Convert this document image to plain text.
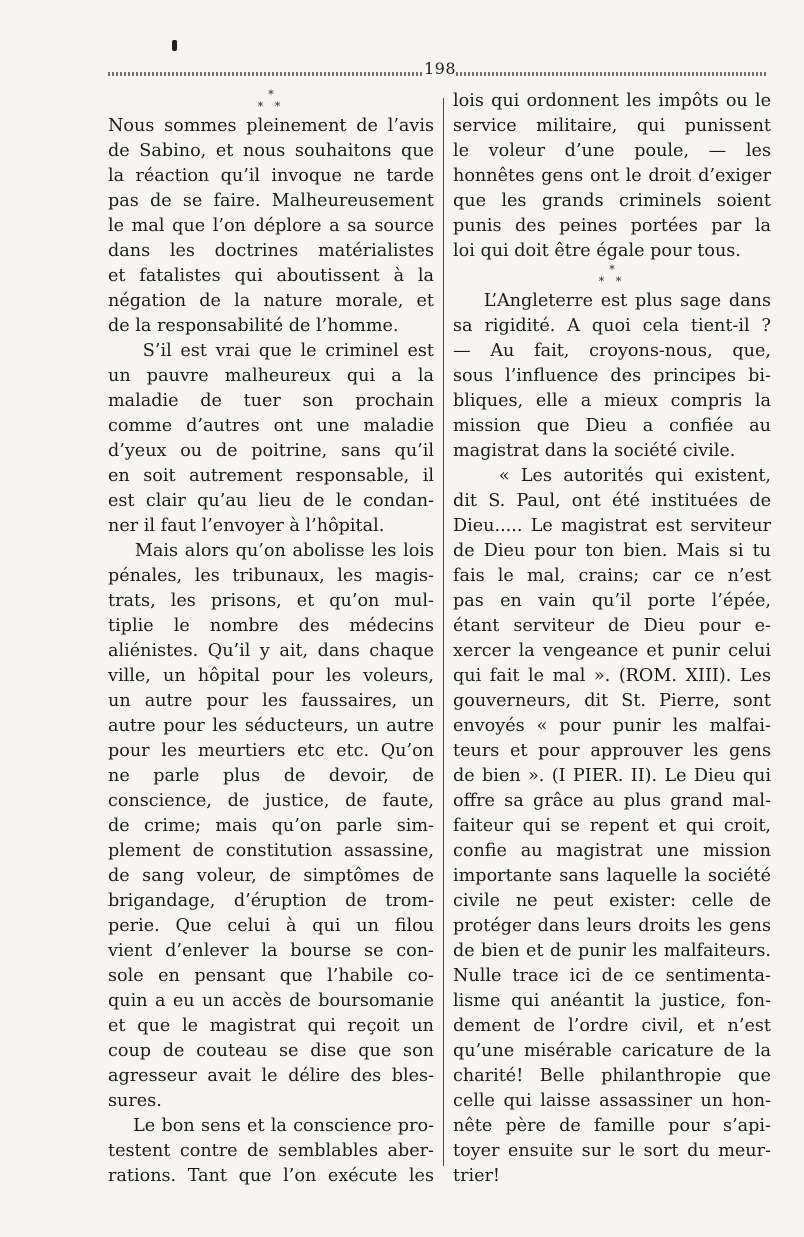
198
*
* *
Nous sommes pleinement de l’avis
de Sabino, et nous souhaitons que
la réaction qu’il invoque ne tarde
pas de se faire. Malheureusement
le mal que l’on déplore a sa source
dans les doctrines matérialistes
et fatalistes qui aboutissent à la
négation de la nature morale, et
de la responsabilité de l’homme.
S’il est vrai que le criminel est
un pauvre malheureux qui a la
maladie de tuer son prochain
comme d’autres ont une maladie
d’yeux ou de poitrine, sans qu’il
en soit autrement responsable, il
est clair qu’au lieu de le condan-
ner il faut l’envoyer à l’hôpital.
Mais alors qu’on abolisse les lois
pénales, les tribunaux, les magis-
trats, les prisons, et qu’on mul-
tiplie le nombre des médecins
aliénistes. Qu’il y ait, dans chaque
ville, un hôpital pour les voleurs,
un autre pour les faussaires, un
autre pour les séducteurs, un autre
pour les meurtiers etc etc. Qu’on
ne parle plus de devoir, de
conscience, de justice, de faute,
de crime; mais qu’on parle sim-
plement de constitution assassine,
de sang voleur, de simptômes de
brigandage, d’éruption de trom-
perie. Que celui à qui un filou
vient d’enlever la bourse se con-
sole en pensant que l’habile co-
quin a eu un accès de boursomanie
et que le magistrat qui reçoit un
coup de couteau se dise que son
agresseur avait le délire des bles-
sures.
Le bon sens et la conscience pro-
testent contre de semblables aber-
rations. Tant que l’on exécute les
lois qui ordonnent les impôts ou le
service militaire, qui punissent
le voleur d’une poule, — les
honnêtes gens ont le droit d’exiger
que les grands criminels soient
punis des peines portées par la
loi qui doit être égale pour tous.
*
* *
L’Angleterre est plus sage dans
sa rigidité. A quoi cela tient-il ?
— Au fait, croyons-nous, que,
sous l’influence des principes bi-
bliques, elle a mieux compris la
mission que Dieu a confiée au
magistrat dans la société civile.
« Les autorités qui existent,
dit S. Paul, ont été instituées de
Dieu..... Le magistrat est serviteur
de Dieu pour ton bien. Mais si tu
fais le mal, crains; car ce n’est
pas en vain qu’il porte l’épée,
étant serviteur de Dieu pour e-
xercer la vengeance et punir celui
qui fait le mal ». (ROM. XIII). Les
gouverneurs, dit St. Pierre, sont
envoyés « pour punir les malfai-
teurs et pour approuver les gens
de bien ». (I PIER. II). Le Dieu qui
offre sa grâce au plus grand mal-
faiteur qui se repent et qui croit,
confie au magistrat une mission
importante sans laquelle la société
civile ne peut exister: celle de
protéger dans leurs droits les gens
de bien et de punir les malfaiteurs.
Nulle trace ici de ce sentimenta-
lisme qui anéantit la justice, fon-
dement de l’ordre civil, et n’est
qu’une misérable caricature de la
charité! Belle philanthropie que
celle qui laisse assassiner un hon-
nête père de famille pour s’api-
toyer ensuite sur le sort du meur-
trier!
